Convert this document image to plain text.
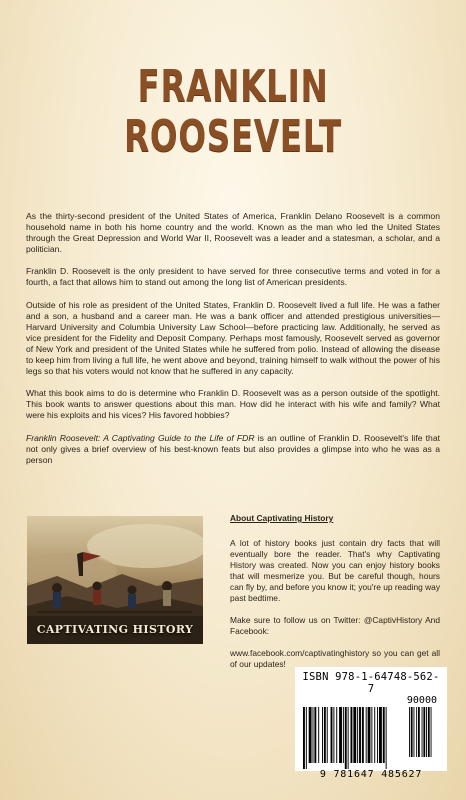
FRANKLIN
ROOSEVELT

As the thirty-second president of the United States of America, Franklin Delano Roosevelt is a common household name in both his home country and the world. Known as the man who led the United States through the Great Depression and World War II, Roosevelt was a leader and a statesman, a scholar, and a politician.

Franklin D. Roosevelt is the only president to have served for three consecutive terms and voted in for a fourth, a fact that allows him to stand out among the long list of American presidents.

Outside of his role as president of the United States, Franklin D. Roosevelt lived a full life. He was a father and a son, a husband and a career man. He was a bank officer and attended prestigious universities—Harvard University and Columbia University Law School—before practicing law. Additionally, he served as vice president for the Fidelity and Deposit Company. Perhaps most famously, Roosevelt served as governor of New York and president of the United States while he suffered from polio. Instead of allowing the disease to keep him from living a full life, he went above and beyond, training himself to walk without the power of his legs so that his voters would not know that he suffered in any capacity.

What this book aims to do is determine who Franklin D. Roosevelt was as a person outside of the spotlight. This book wants to answer questions about this man. How did he interact with his wife and family? What were his exploits and his vices? His favored hobbies?

Franklin Roosevelt: A Captivating Guide to the Life of FDR is an outline of Franklin D. Roosevelt's life that not only gives a brief overview of his best-known feats but also provides a glimpse into who he was as a person

CAPTIVATING HISTORY
About Captivating History

A lot of history books just contain dry facts that will eventually bore the reader. That's why Captivating History was created. Now you can enjoy history books that will mesmerize you. But be careful though, hours can fly by, and before you know it; you're up reading way past bedtime.

Make sure to follow us on Twitter: @CaptivHistory And Facebook:

www.facebook.com/captivatinghistory so you can get all of our updates!

ISBN 978-1-64748-562-7
90000
9 781647 485627
